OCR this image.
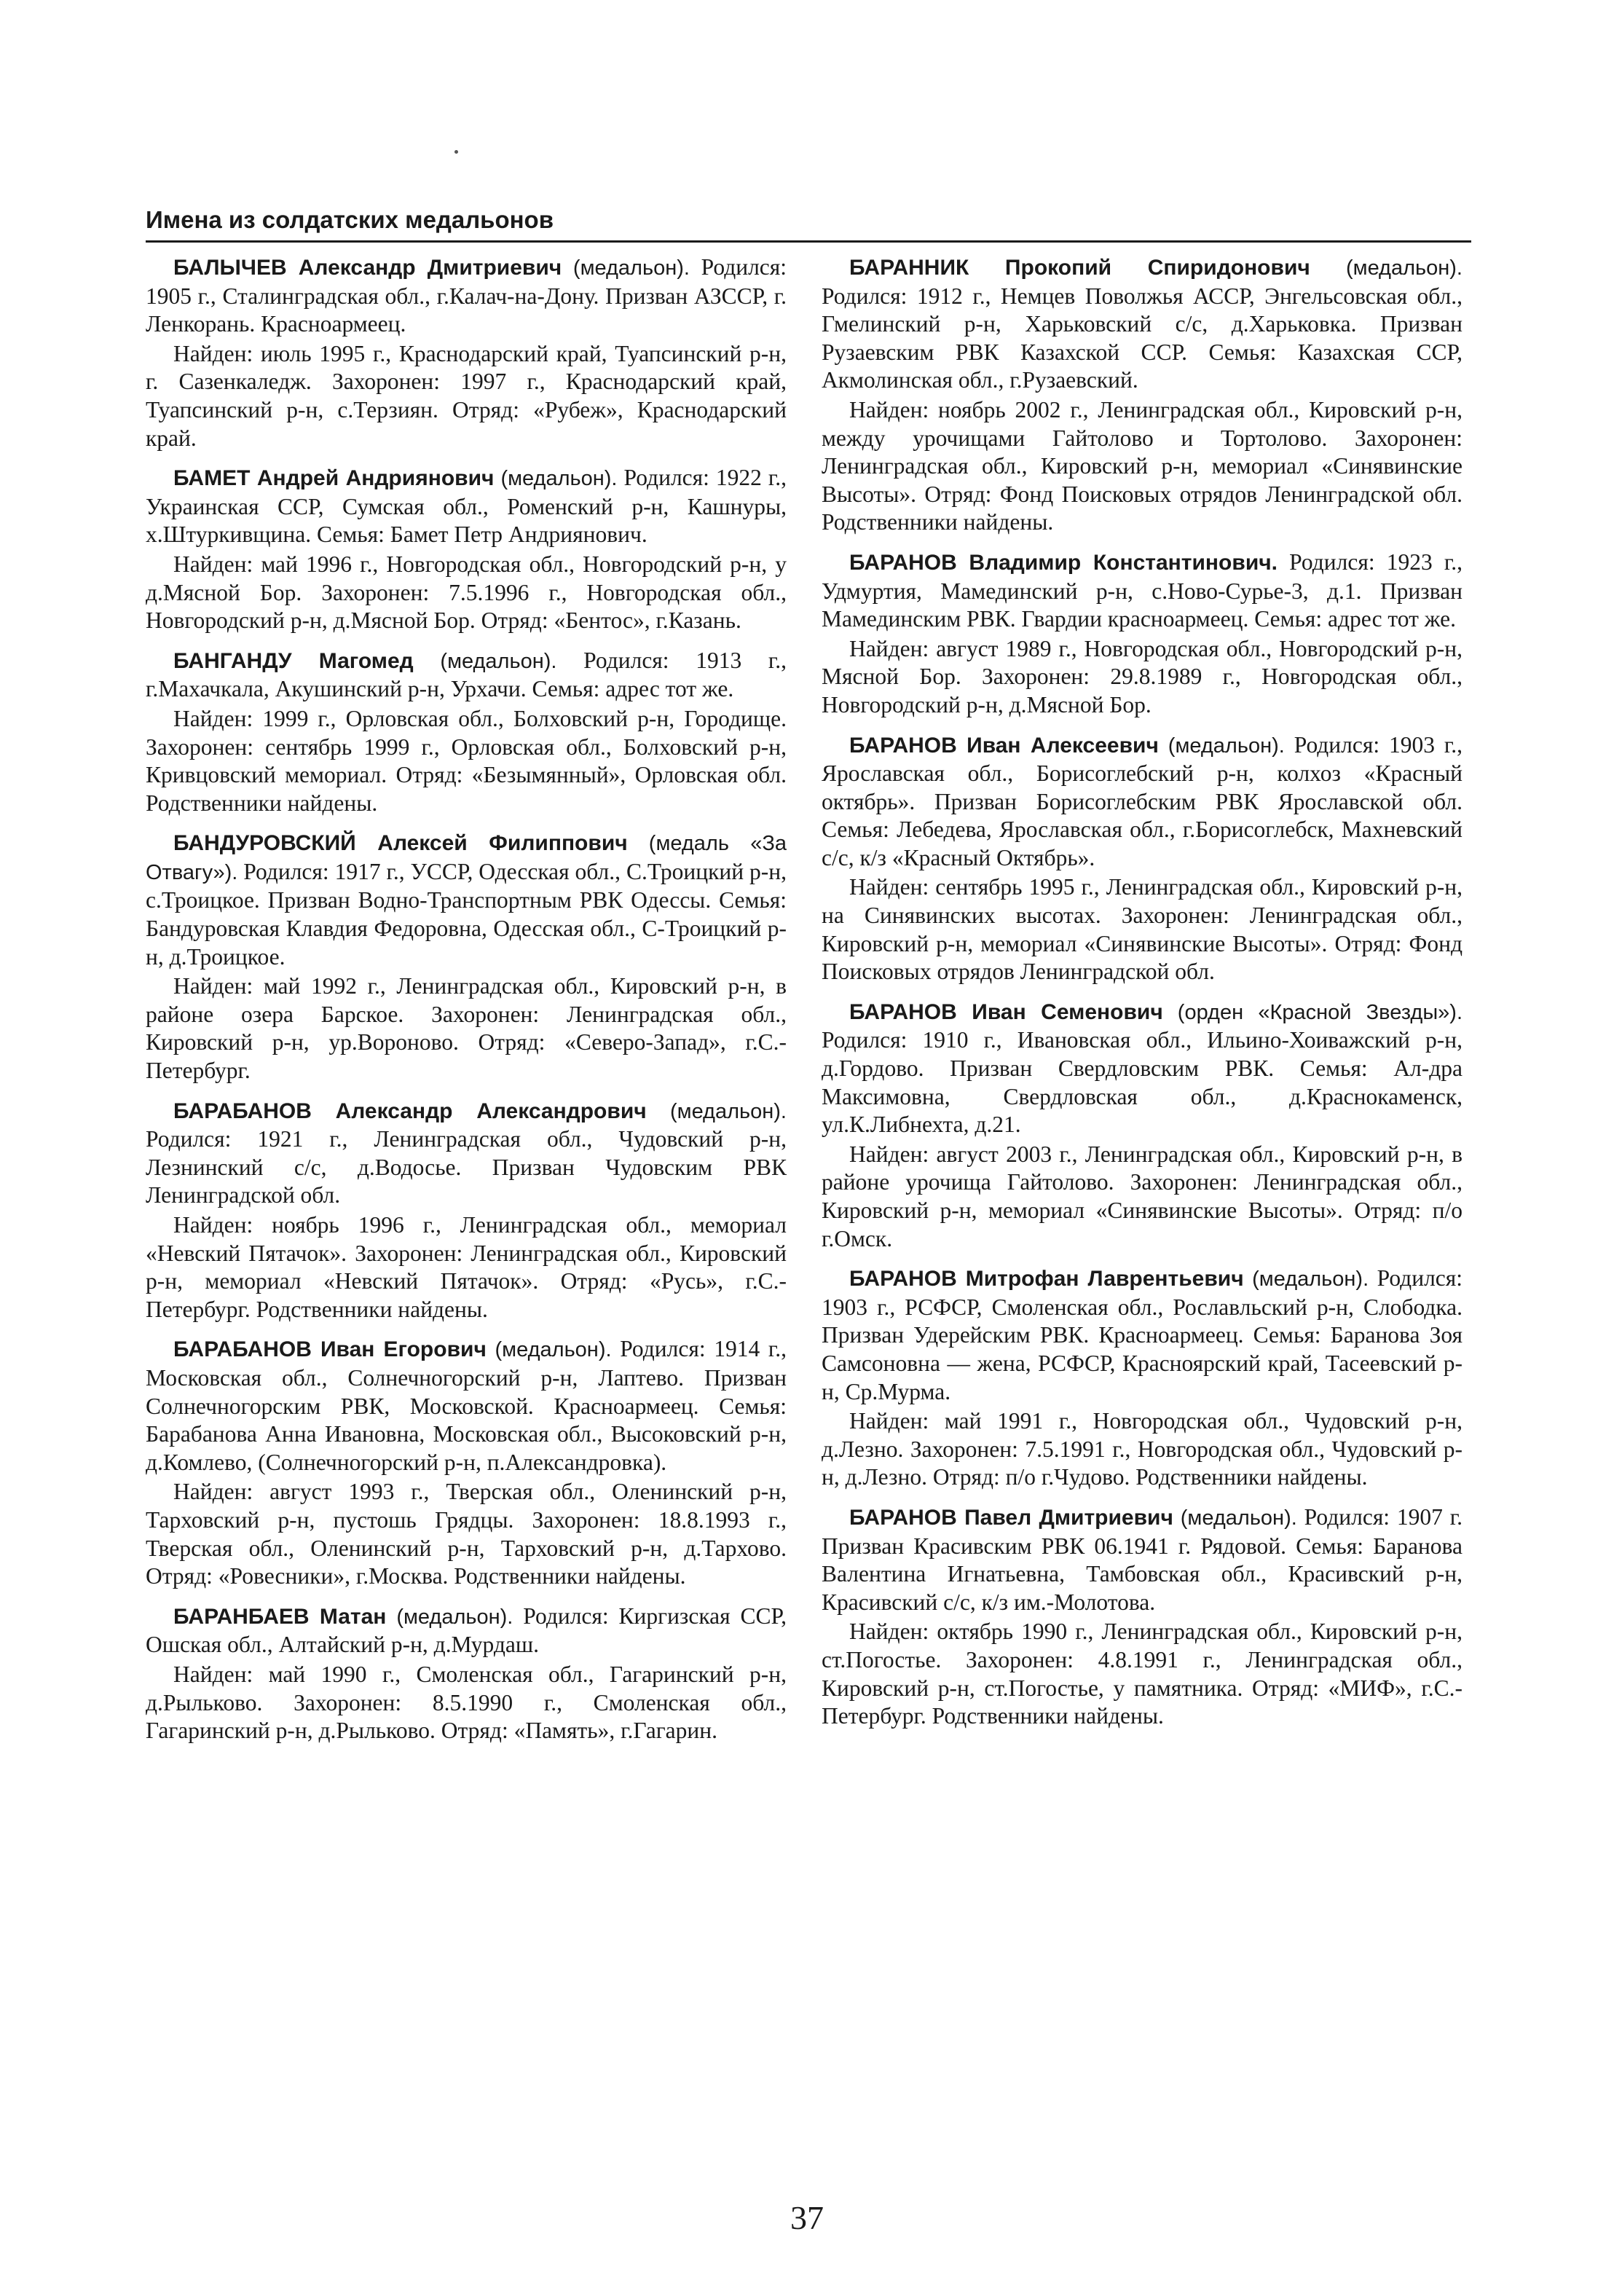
Имена из солдатских медальонов

БАЛЫЧЕВ Александр Дмитриевич (медальон). Родился: 1905 г., Сталинградская обл., г.Калач-на-Дону. Призван АЗССР, г. Ленкорань. Красноармеец.

Найден: июль 1995 г., Краснодарский край, Туапсинский р-н, г. Сазенкаледж. Захоронен: 1997 г., Краснодарский край, Туапсинский р-н, с.Терзиян. Отряд: «Рубеж», Краснодарский край.

БАМЕТ Андрей Андриянович (медальон). Родился: 1922 г., Украинская ССР, Сумская обл., Роменский р-н, Кашнуры, х.Штуркивщина. Семья: Бамет Петр Андриянович.

Найден: май 1996 г., Новгородская обл., Новгородский р-н, у д.Мясной Бор. Захоронен: 7.5.1996 г., Новгородская обл., Новгородский р-н, д.Мясной Бор. Отряд: «Бентос», г.Казань.

БАНГАНДУ Магомед (медальон). Родился: 1913 г., г.Махачкала, Акушинский р-н, Урхачи. Семья: адрес тот же.

Найден: 1999 г., Орловская обл., Болховский р-н, Городище. Захоронен: сентябрь 1999 г., Орловская обл., Болховский р-н, Кривцовский мемориал. Отряд: «Безымянный», Орловская обл. Родственники найдены.

БАНДУРОВСКИЙ Алексей Филиппович (медаль «За Отвагу»). Родился: 1917 г., УССР, Одесская обл., С.Троицкий р-н, с.Троицкое. Призван Водно-Транспортным РВК Одессы. Семья: Бандуровская Клавдия Федоровна, Одесская обл., С-Троицкий р-н, д.Троицкое.

Найден: май 1992 г., Ленинградская обл., Кировский р-н, в районе озера Барское. Захоронен: Ленинградская обл., Кировский р-н, ур.Вороново. Отряд: «Северо-Запад», г.С.-Петербург.

БАРАБАНОВ Александр Александрович (медальон). Родился: 1921 г., Ленинградская обл., Чудовский р-н, Лезнинский с/с, д.Водосье. Призван Чудовским РВК Ленинградской обл.

Найден: ноябрь 1996 г., Ленинградская обл., мемориал «Невский Пятачок». Захоронен: Ленинградская обл., Кировский р-н, мемориал «Невский Пятачок». Отряд: «Русь», г.С.-Петербург. Родственники найдены.

БАРАБАНОВ Иван Егорович (медальон). Родился: 1914 г., Московская обл., Солнечногорский р-н, Лаптево. Призван Солнечногорским РВК, Московской. Красноармеец. Семья: Барабанова Анна Ивановна, Московская обл., Высоковский р-н, д.Комлево, (Солнечногорский р-н, п.Александровка).

Найден: август 1993 г., Тверская обл., Оленинский р-н, Тарховский р-н, пустошь Грядцы. Захоронен: 18.8.1993 г., Тверская обл., Оленинский р-н, Тарховский р-н, д.Тархово. Отряд: «Ровесники», г.Москва. Родственники найдены.

БАРАНБАЕВ Матан (медальон). Родился: Киргизская ССР, Ошская обл., Алтайский р-н, д.Мурдаш.

Найден: май 1990 г., Смоленская обл., Гагаринский р-н, д.Рыльково. Захоронен: 8.5.1990 г., Смоленская обл., Гагаринский р-н, д.Рыльково. Отряд: «Память», г.Гагарин.

БАРАННИК Прокопий Спиридонович (медальон). Родился: 1912 г., Немцев Поволжья АССР, Энгельсовская обл., Гмелинский р-н, Харьковский с/с, д.Харьковка. Призван Рузаевским РВК Казахской ССР. Семья: Казахская ССР, Акмолинская обл., г.Рузаевский.

Найден: ноябрь 2002 г., Ленинградская обл., Кировский р-н, между урочищами Гайтолово и Тортолово. Захоронен: Ленинградская обл., Кировский р-н, мемориал «Синявинские Высоты». Отряд: Фонд Поисковых отрядов Ленинградской обл. Родственники найдены.

БАРАНОВ Владимир Константинович. Родился: 1923 г., Удмуртия, Мамединский р-н, с.Ново-Сурье-3, д.1. Призван Мамединским РВК. Гвардии красноармеец. Семья: адрес тот же.

Найден: август 1989 г., Новгородская обл., Новгородский р-н, Мясной Бор. Захоронен: 29.8.1989 г., Новгородская обл., Новгородский р-н, д.Мясной Бор.

БАРАНОВ Иван Алексеевич (медальон). Родился: 1903 г., Ярославская обл., Борисоглебский р-н, колхоз «Красный октябрь». Призван Борисоглебским РВК Ярославской обл. Семья: Лебедева, Ярославская обл., г.Борисоглебск, Махневский с/с, к/з «Красный Октябрь».

Найден: сентябрь 1995 г., Ленинградская обл., Кировский р-н, на Синявинских высотах. Захоронен: Ленинградская обл., Кировский р-н, мемориал «Синявинские Высоты». Отряд: Фонд Поисковых отрядов Ленинградской обл.

БАРАНОВ Иван Семенович (орден «Красной Звезды»). Родился: 1910 г., Ивановская обл., Ильино-Хоиважский р-н, д.Гордово. Призван Свердловским РВК. Семья: Ал-дра Максимовна, Свердловская обл., д.Краснокаменск, ул.К.Либнехта, д.21.

Найден: август 2003 г., Ленинградская обл., Кировский р-н, в районе урочища Гайтолово. Захоронен: Ленинградская обл., Кировский р-н, мемориал «Синявинские Высоты». Отряд: п/о г.Омск.

БАРАНОВ Митрофан Лаврентьевич (медальон). Родился: 1903 г., РСФСР, Смоленская обл., Рославльский р-н, Слободка. Призван Удерейским РВК. Красноармеец. Семья: Баранова Зоя Самсоновна — жена, РСФСР, Красноярский край, Тасеевский р-н, Ср.Мурма.

Найден: май 1991 г., Новгородская обл., Чудовский р-н, д.Лезно. Захоронен: 7.5.1991 г., Новгородская обл., Чудовский р-н, д.Лезно. Отряд: п/о г.Чудово. Родственники найдены.

БАРАНОВ Павел Дмитриевич (медальон). Родился: 1907 г. Призван Красивским РВК 06.1941 г. Рядовой. Семья: Баранова Валентина Игнатьевна, Тамбовская обл., Красивский р-н, Красивский с/с, к/з им.-Молотова.

Найден: октябрь 1990 г., Ленинградская обл., Кировский р-н, ст.Погостье. Захоронен: 4.8.1991 г., Ленинградская обл., Кировский р-н, ст.Погостье, у памятника. Отряд: «МИФ», г.С.-Петербург. Родственники найдены.

37
